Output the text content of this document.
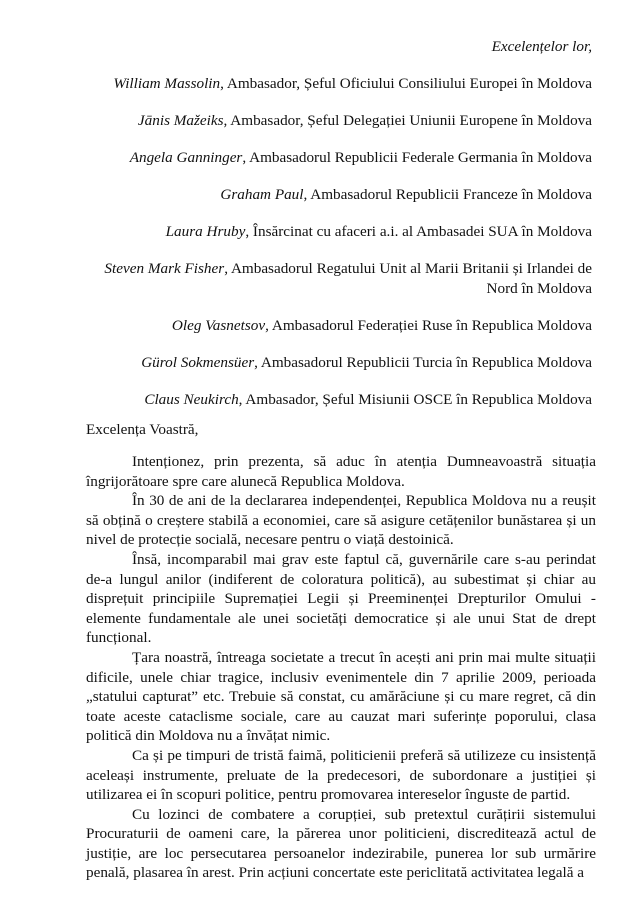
Excelențelor lor,
William Massolin, Ambasador, Șeful Oficiului Consiliului Europei în Moldova
Jānis Mažeiks, Ambasador, Șeful Delegației Uniunii Europene în Moldova
Angela Ganninger, Ambasadorul Republicii Federale Germania în Moldova
Graham Paul, Ambasadorul Republicii Franceze în Moldova
Laura Hruby, Însărcinat cu afaceri a.i. al Ambasadei SUA în Moldova
Steven Mark Fisher, Ambasadorul Regatului Unit al Marii Britanii și Irlandei de Nord în Moldova
Oleg Vasnetsov, Ambasadorul Federației Ruse în Republica Moldova
Gürol Sokmensüer, Ambasadorul Republicii Turcia în Republica Moldova
Claus Neukirch, Ambasador, Șeful Misiunii OSCE în Republica Moldova
Excelența Voastră,

Intenționez, prin prezenta, să aduc în atenția Dumneavoastră situația îngrijorătoare spre care alunecă Republica Moldova.

În 30 de ani de la declararea independenței, Republica Moldova nu a reușit să obțină o creștere stabilă a economiei, care să asigure cetățenilor bunăstarea și un nivel de protecție socială, necesare pentru o viață destoinică.

Însă, incomparabil mai grav este faptul că, guvernările care s-au perindat de-a lungul anilor (indiferent de coloratura politică), au subestimat și chiar au disprețuit principiile Supremației Legii și Preeminenței Drepturilor Omului - elemente fundamentale ale unei societăți democratice și ale unui Stat de drept funcțional.

Țara noastră, întreaga societate a trecut în acești ani prin mai multe situații dificile, unele chiar tragice, inclusiv evenimentele din 7 aprilie 2009, perioada „statului capturat” etc. Trebuie să constat, cu amărăciune și cu mare regret, că din toate aceste cataclisme sociale, care au cauzat mari suferințe poporului, clasa politică din Moldova nu a învățat nimic.

Ca și pe timpuri de tristă faimă, politicienii preferă să utilizeze cu insistență aceleași instrumente, preluate de la predecesori, de subordonare a justiției și utilizarea ei în scopuri politice, pentru promovarea intereselor înguste de partid.

Cu lozinci de combatere a corupției, sub pretextul curățirii sistemului Procuraturii de oameni care, la părerea unor politicieni, discreditează actul de justiție, are loc persecutarea persoanelor indezirabile, punerea lor sub urmărire penală, plasarea în arest. Prin acțiuni concertate este periclitată activitatea legală a
